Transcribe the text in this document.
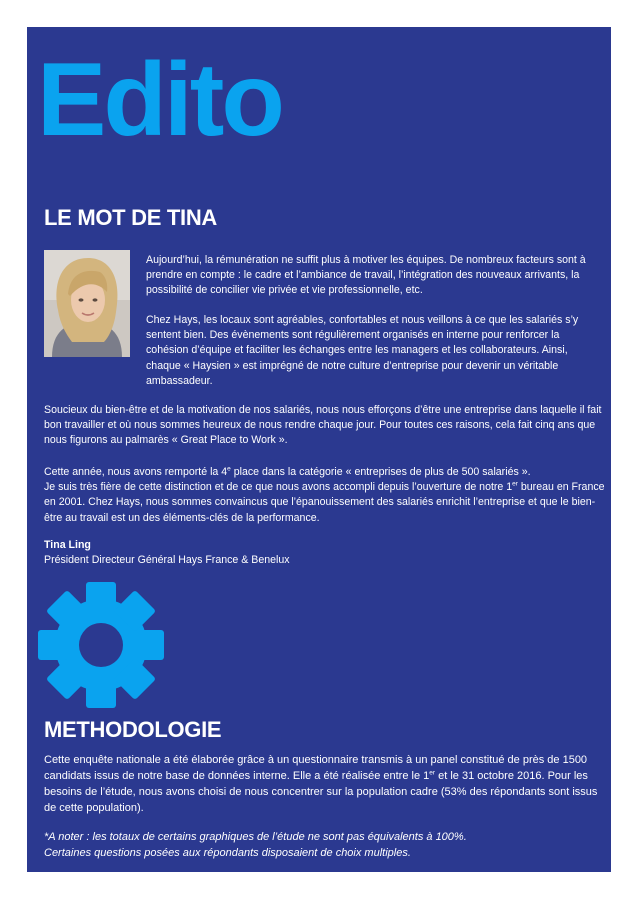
Edito
LE MOT DE TINA

Aujourd’hui, la rémunération ne suffit plus à motiver les équipes. De nombreux facteurs sont à prendre en compte : le cadre et l’ambiance de travail, l’intégration des nouveaux arrivants, la possibilité de concilier vie privée et vie professionnelle, etc.

Chez Hays, les locaux sont agréables, confortables et nous veillons à ce que les salariés s’y sentent bien. Des évènements sont régulièrement organisés en interne pour renforcer la cohésion d’équipe et faciliter les échanges entre les managers et les collaborateurs. Ainsi, chaque « Haysien » est imprégné de notre culture d’entreprise pour devenir un véritable ambassadeur.

Soucieux du bien-être et de la motivation de nos salariés, nous nous efforçons d’être une entreprise dans laquelle il fait bon travailler et où nous sommes heureux de nous rendre chaque jour. Pour toutes ces raisons, cela fait cinq ans que nous figurons au palmarès « Great Place to Work ».

Cette année, nous avons remporté la 4e place dans la catégorie « entreprises de plus de 500 salariés ».
Je suis très fière de cette distinction et de ce que nous avons accompli depuis l’ouverture de notre 1er bureau en France en 2001. Chez Hays, nous sommes convaincus que l’épanouissement des salariés enrichit l’entreprise et que le bien-être au travail est un des éléments-clés de la performance.

Tina Ling
Président Directeur Général Hays France & Benelux

METHODOLOGIE

Cette enquête nationale a été élaborée grâce à un questionnaire transmis à un panel constitué de près de 1500 candidats issus de notre base de données interne. Elle a été réalisée entre le 1er et le 31 octobre 2016. Pour les besoins de l’étude, nous avons choisi de nous concentrer sur la population cadre (53% des répondants sont issus de cette population).

*A noter : les totaux de certains graphiques de l’étude ne sont pas équivalents à 100%.
Certaines questions posées aux répondants disposaient de choix multiples.
